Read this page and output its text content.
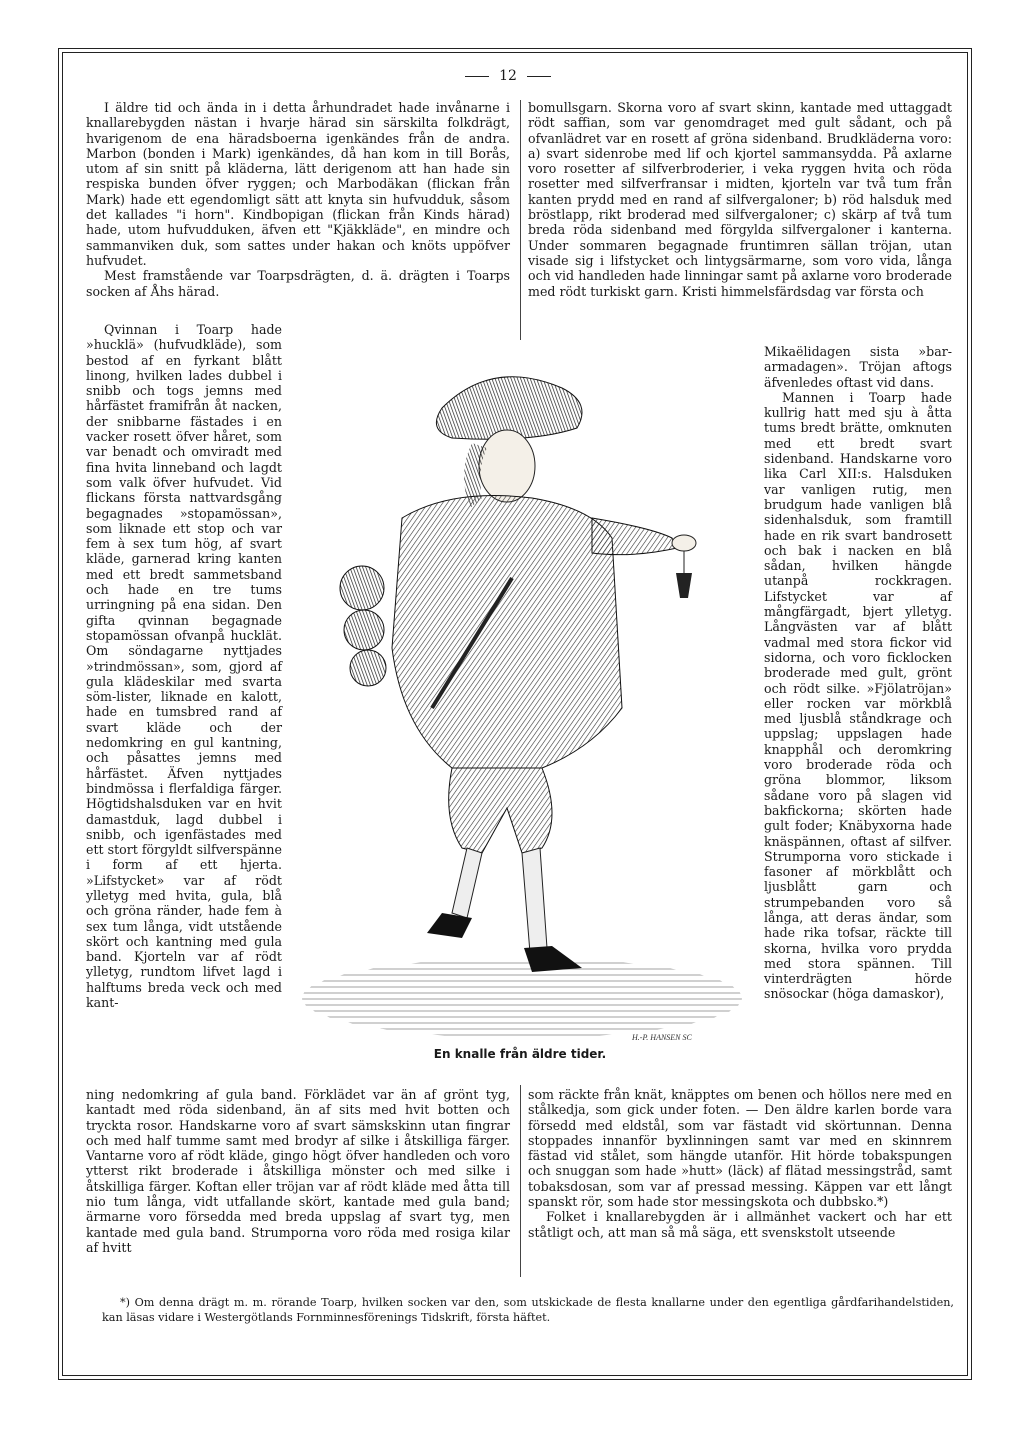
12

I äldre tid och ända in i detta århundradet hade invånarne i knallarebygden nästan i hvarje härad sin särskilta folkdrägt, hvarigenom de ena häradsboerna igenkändes från de andra. Marbon (bonden i Mark) igenkändes, då han kom in till Borås, utom af sin snitt på kläderna, lätt derigenom att han hade sin respiska bunden öfver ryggen; och Marbodäkan (flickan från Mark) hade ett egendomligt sätt att knyta sin hufvudduk, såsom det kallades "i horn". Kindbopigan (flickan från Kinds härad) hade, utom hufvudduken, äfven ett "Kjäkkläde", en mindre och sammanviken duk, som sattes under hakan och knöts uppöfver hufvudet.

Mest framstående var Toarpsdrägten, d. ä. drägten i Toarps socken af Åhs härad.

Qvinnan i Toarp hade »hucklä» (hufvudkläde), som bestod af en fyrkant blått linong, hvilken lades dubbel i snibb och togs jemns med hårfästet framifrån åt nacken, der snibbarne fästades i en vacker rosett öfver håret, som var benadt och omviradt med fina hvita linneband och lagdt som valk öfver hufvudet. Vid flickans första nattvardsgång begagnades »stopamössan», som liknade ett stop och var fem à sex tum hög, af svart kläde, garnerad kring kanten med ett bredt sammetsband och hade en tre tums urringning på ena sidan. Den gifta qvinnan begagnade stopamössan ofvanpå hucklät. Om söndagarne nyttjades »trindmössan», som, gjord af gula klädeskilar med svarta söm-lister, liknade en kalott, hade en tumsbred rand af svart kläde och der nedomkring en gul kantning, och påsattes jemns med hårfästet. Äfven nyttjades bindmössa i flerfaldiga färger. Högtidshalsduken var en hvit damastduk, lagd dubbel i snibb, och igenfästades med ett stort förgyldt silfverspänne i form af ett hjerta. »Lifstycket» var af rödt ylletyg med hvita, gula, blå och gröna ränder, hade fem à sex tum långa, vidt utstående skört och kantning med gula band. Kjorteln var af rödt ylletyg, rundtom lifvet lagd i halftums breda veck och med kant-

ning nedomkring af gula band. Förklädet var än af grönt tyg, kantadt med röda sidenband, än af sits med hvit botten och tryckta rosor. Handskarne voro af svart sämskskinn utan fingrar och med half tumme samt med brodyr af silke i åtskilliga färger. Vantarne voro af rödt kläde, gingo högt öfver handleden och voro ytterst rikt broderade i åtskilliga mönster och med silke i åtskilliga färger. Koftan eller tröjan var af rödt kläde med åtta till nio tum långa, vidt utfallande skört, kantade med gula band; ärmarne voro försedda med breda uppslag af svart tyg, men kantade med gula band. Strumporna voro röda med rosiga kilar af hvitt

bomullsgarn. Skorna voro af svart skinn, kantade med uttaggadt rödt saffian, som var genomdraget med gult sådant, och på ofvanlädret var en rosett af gröna sidenband. Brudkläderna voro: a) svart sidenrobe med lif och kjortel sammansydda. På axlarne voro rosetter af silfverbroderier, i veka ryggen hvita och röda rosetter med silfverfransar i midten, kjorteln var två tum från kanten prydd med en rand af silfvergaloner; b) röd halsduk med bröstlapp, rikt broderad med silfvergaloner; c) skärp af två tum breda röda sidenband med förgylda silfvergaloner i kanterna. Under sommaren begagnade fruntimren sällan tröjan, utan visade sig i lifstycket och lintygsärmarne, som voro vida, långa och vid handleden hade linningar samt på axlarne voro broderade med rödt turkiskt garn. Kristi himmelsfärdsdag var första och

Mikaëlidagen sista »bar-armadagen». Tröjan aftogs äfvenledes oftast vid dans.

Mannen i Toarp hade kullrig hatt med sju à åtta tums bredt brätte, omknuten med ett bredt svart sidenband. Handskarne voro lika Carl XII:s. Halsduken var vanligen rutig, men brudgum hade vanligen blå sidenhalsduk, som framtill hade en rik svart bandrosett och bak i nacken en blå sådan, hvilken hängde utanpå rockkragen. Lifstycket var af mångfärgadt, bjert ylletyg. Långvästen var af blått vadmal med stora fickor vid sidorna, och voro ficklocken broderade med gult, grönt och rödt silke. »Fjölatröjan» eller rocken var mörkblå med ljusblå ståndkrage och uppslag; uppslagen hade knapphål och deromkring voro broderade röda och gröna blommor, liksom sådane voro på slagen vid bakfickorna; skörten hade gult foder; Knäbyxorna hade knäspännen, oftast af silfver. Strumporna voro stickade i fasoner af mörkblått och ljusblått garn och strumpebanden voro så långa, att deras ändar, som hade rika tofsar, räckte till skorna, hvilka voro prydda med stora spännen. Till vinterdrägten hörde snösockar (höga damaskor),

som räckte från knät, knäpptes om benen och höllos nere med en stålkedja, som gick under foten. — Den äldre karlen borde vara försedd med eldstål, som var fästadt vid skörtunnan. Denna stoppades innanför byxlinningen samt var med en skinnrem fästad vid stålet, som hängde utanför. Hit hörde tobakspungen och snuggan som hade »hutt» (läck) af flätad messingstråd, samt tobaksdosan, som var af pressad messing. Käppen var ett långt spanskt rör, som hade stor messingskota och dubbsko.*)

Folket i knallarebygden är i allmänhet vackert och har ett ståtligt och, att man så må säga, ett svenskstolt utseende

H.-P. HANSEN SC
En knalle från äldre tider.

*) Om denna drägt m. m. rörande Toarp, hvilken socken var den, som utskickade de flesta knallarne under den egentliga gårdfarihandelstiden, kan läsas vidare i Westergötlands Fornminnesförenings Tidskrift, första häftet.
